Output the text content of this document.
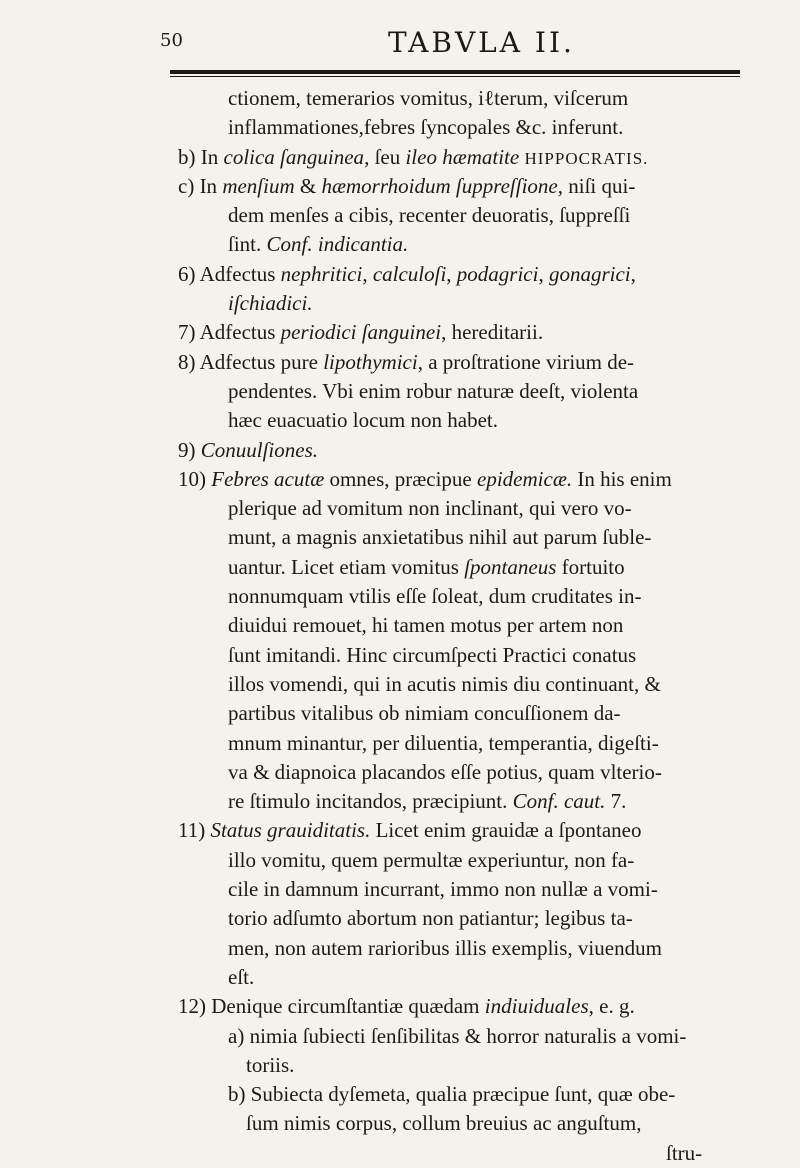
50	TABVLA II.
ctionem, temerarios vomitus, iℓterum, viſcerum
inflammationes,febres ſyncopales &c. inferunt.
b) In colica ſanguinea, ſeu ileo hæmatite HIPPOCRATIS.
c) In menſium & hæmorrhoidum ſuppreſſione, niſi qui-
dem menſes a cibis, recenter deuoratis, ſuppreſſi
ſint. Conf. indicantia.
6) Adfectus nephritici, calculoſi, podagrici, gonagrici,
iſchiadici.
7) Adfectus periodici ſanguinei, hereditarii.
8) Adfectus pure lipothymici, a proſtratione virium de-
pendentes. Vbi enim robur naturæ deeſt, violenta
hæc euacuatio locum non habet.
9) Conuulſiones.
10) Febres acutæ omnes, præcipue epidemicæ. In his enim
plerique ad vomitum non inclinant, qui vero vo-
munt, a magnis anxietatibus nihil aut parum ſuble-
uantur. Licet etiam vomitus ſpontaneus fortuito
nonnumquam vtilis eſſe ſoleat, dum cruditates in-
diuidui remouet, hi tamen motus per artem non
ſunt imitandi. Hinc circumſpecti Practici conatus
illos vomendi, qui in acutis nimis diu continuant, &
partibus vitalibus ob nimiam concuſſionem da-
mnum minantur, per diluentia, temperantia, digeſti-
va & diapnoica placandos eſſe potius, quam vlterio-
re ſtimulo incitandos, præcipiunt. Conf. caut. 7.
11) Status grauiditatis. Licet enim grauidæ a ſpontaneo
illo vomitu, quem permultæ experiuntur, non fa-
cile in damnum incurrant, immo non nullæ a vomi-
torio adſumto abortum non patiantur; legibus ta-
men, non autem rarioribus illis exemplis, viuendum
eſt.
12) Denique circumſtantiæ quædam indiuiduales, e. g.
a) nimia ſubiecti ſenſibilitas & horror naturalis a vomi-
toriis.
b) Subiecta dyſemeta, qualia præcipue ſunt, quæ obe-
ſum nimis corpus, collum breuius ac anguſtum,
ſtru-
